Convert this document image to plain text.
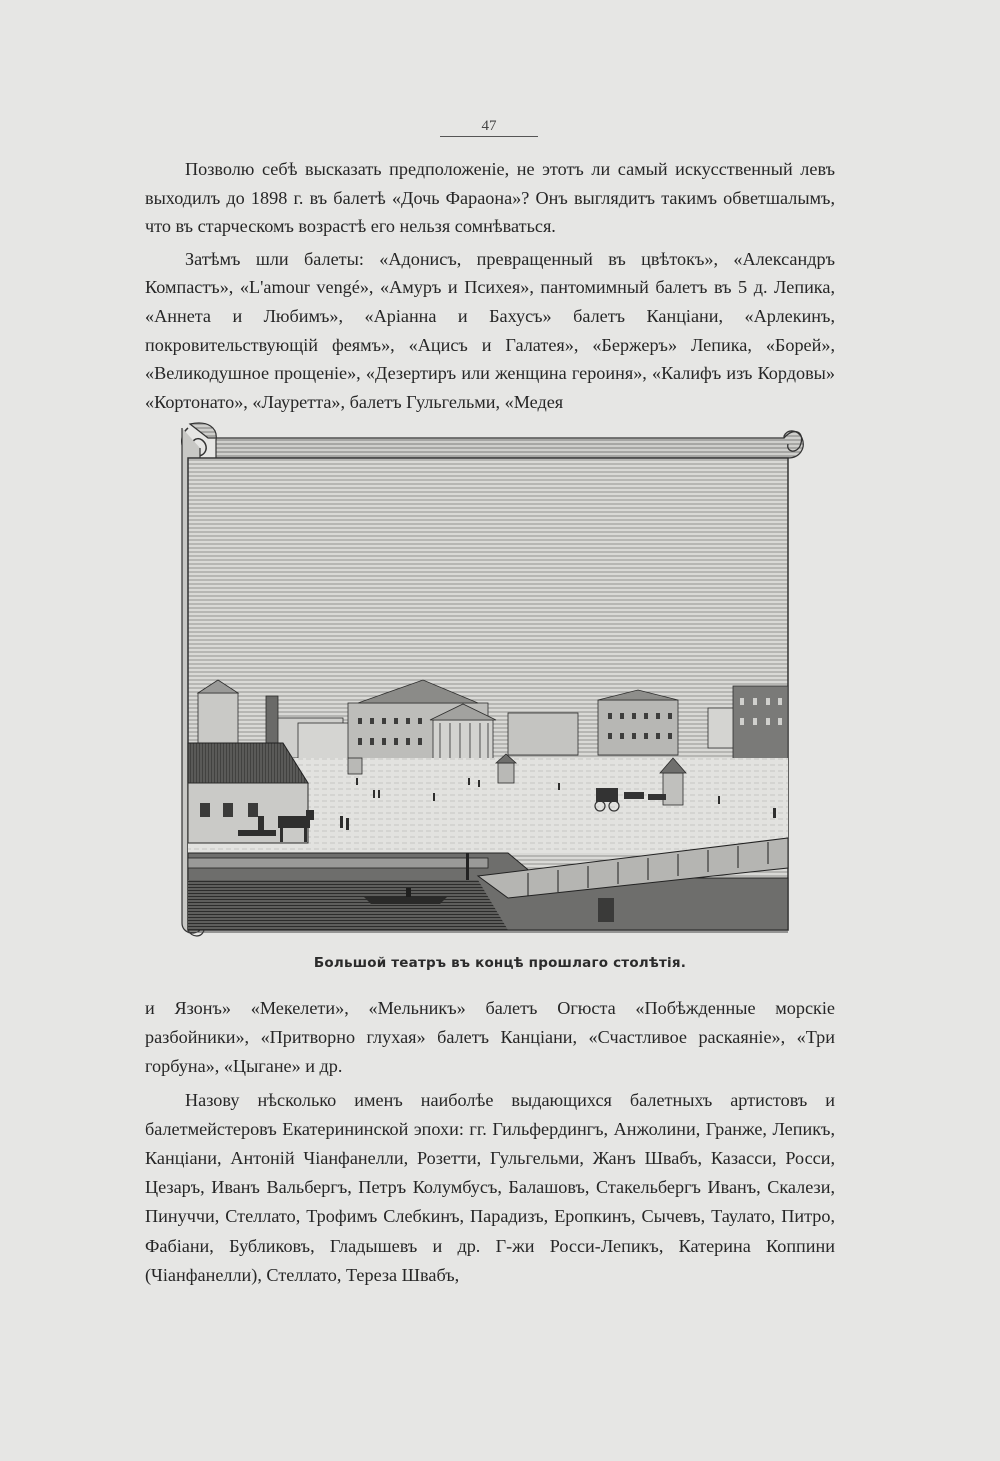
47

Позволю себѣ высказать предположеніе, не этотъ ли самый искусственный левъ выходилъ до 1898 г. въ балетѣ «Дочь Фараона»? Онъ выглядитъ такимъ обветшалымъ, что въ старческомъ возрастѣ его нельзя сомнѣваться.

Затѣмъ шли балеты: «Адонисъ, превращенный въ цвѣтокъ», «Александръ Компастъ», «L'amour vengé», «Амуръ и Психея», пантомимный балетъ въ 5 д. Лепика, «Аннета и Любимъ», «Аріанна и Бахусъ» балетъ Канціани, «Арлекинъ, покровительствующій феямъ», «Ацисъ и Галатея», «Бержеръ» Лепика, «Борей», «Великодушное прощеніе», «Дезертиръ или женщина героиня», «Калифъ изъ Кордовы» «Кортонато», «Лауретта», балетъ Гульгельми, «Медея

Большой театръ въ концѣ прошлаго столѣтія.

и Язонъ» «Мекелети», «Мельникъ» балетъ Огюста «Побѣжденные морскіе разбойники», «Притворно глухая» балетъ Канціани, «Счастливое раскаяніе», «Три горбуна», «Цыгане» и др.

Назову нѣсколько именъ наиболѣе выдающихся балетныхъ артистовъ и балетмейстеровъ Екатерининской эпохи: гг. Гильфердингъ, Анжолини, Гранже, Лепикъ, Канціани, Антоній Чіанфанелли, Розетти, Гульгельми, Жанъ Швабъ, Казасси, Росси, Цезаръ, Иванъ Вальбергъ, Петръ Колумбусъ, Балашовъ, Стакельбергъ Иванъ, Скалези, Пинуччи, Стеллато, Трофимъ Слебкинъ, Парадизъ, Еропкинъ, Сычевъ, Таулато, Питро, Фабіани, Бубликовъ, Гладышевъ и др. Г-жи Росси-Лепикъ, Катерина Коппини (Чіанфанелли), Стеллато, Тереза Швабъ,
